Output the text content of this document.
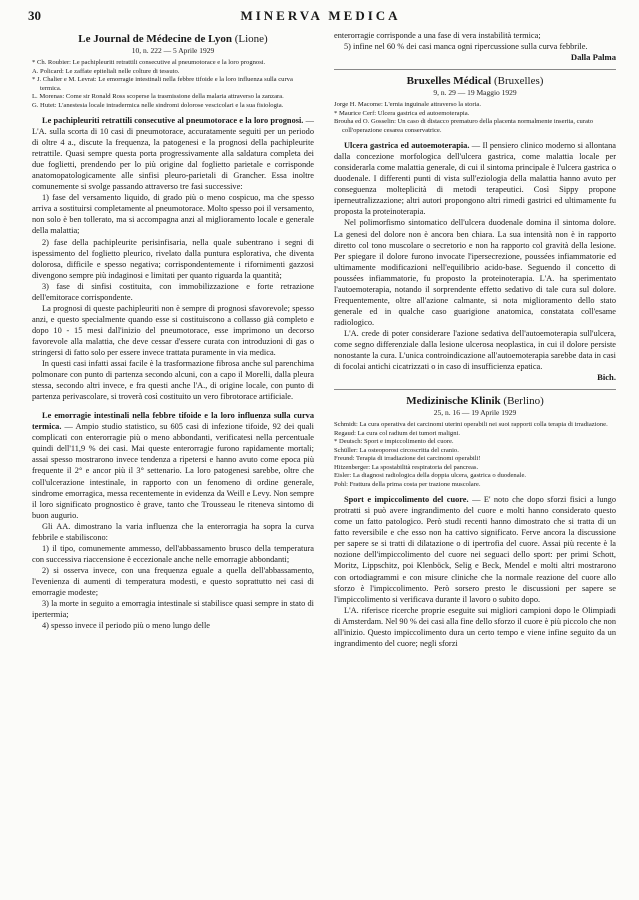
30	MINERVA MEDICA
Le Journal de Médecine de Lyon (Lione)
10, n. 222 — 5 Aprile 1929

* Ch. Roubier: Le pachipleuriti retrattili consecutive al pneumotorace e la loro prognosi.

A. Policard: Le zaffate epiteliali nelle colture di tessuto.

* J. Chalier e M. Levrat: Le emorragie intestinali nella febbre tifoide e la loro influenza sulla curva termica.

L. Morenas: Come sir Ronald Ross scoperse la trasmissione della malaria attraverso la zanzara.

G. Hutet: L'anestesia locale intradermica nelle sindromi dolorose vescicolari e la sua fisiologia.

Le pachipleuriti retrattili consecutive al pneumotorace e la loro prognosi. — L'A. sulla scorta di 10 casi di pneumotorace, accuratamente seguiti per un periodo di oltre 4 a., discute la frequenza, la patogenesi e la prognosi della pachipleurite retrattile. Quasi sempre questa porta progressivamente alla saldatura completa dei due foglietti, prendendo per lo più origine dal foglietto parietale e corrisponde anatomopatologicamente alle sinfisi pleuro-parietali di Grancher. Essa inoltre comunemente si svolge passando attraverso tre fasi successive:

1) fase del versamento liquido, di grado più o meno cospicuo, ma che spesso arriva a sostituirsi completamente al pneumotorace. Molto spesso poi il versamento, non solo è ben tollerato, ma si accompagna anzi al miglioramento locale e generale della malattia;

2) fase della pachipleurite perisinfisaria, nella quale subentrano i segni di ispessimento del foglietto pleurico, rivelato dalla puntura esplorativa, che diventa dolorosa, difficile e spesso negativa; corrispondentemente i rifornimenti gazzosi divengono sempre più indaginosi e limitati per quanto riguarda la quantità;

3) fase di sinfisi costituita, con immobilizzazione e forte retrazione dell'emitorace corrispondente.

La prognosi di queste pachipleuriti non è sempre di prognosi sfavorevole; spesso anzi, e questo specialmente quando esse si costituiscono a collasso già completo e dopo 10 - 15 mesi dall'inizio del pneumotorace, esse imprimono un decorso favorevole alla malattia, che deve cessar d'essere curata con introduzioni di gas o stringersi di fatto solo per essere invece trattata puramente in via medica.

In questi casi infatti assai facile è la trasformazione fibrosa anche sul parenchima polmonare con punto di partenza secondo alcuni, con a capo il Morelli, dalla pleura stessa, secondo altri invece, e fra questi anche l'A., di origine locale, con punto di partenza perivascolare, si troverà così costituito un vero fibrotorace artificiale.

Le emorragie intestinali nella febbre tifoide e la loro influenza sulla curva termica. — Ampio studio statistico, su 605 casi di infezione tifoide, 92 dei quali complicati con enterorragie più o meno abbondanti, verificatesi nella percentuale quindi dell'11,9 % dei casi. Mai queste enterorragie furono rapidamente mortali; assai spesso mostrarono invece tendenza a ripetersi e hanno avuto come epoca più frequente il 2° e ancor più il 3° settenario. La loro patogenesi sarebbe, oltre che coll'ulcerazione intestinale, in rapporto con un fenomeno di ordine generale, sindrome emorragica, messa recentemente in evidenza da Weill e Levy. Non sempre il loro significato prognostico è grave, tanto che Trousseau le riteneva sintomo di buon augurio.

Gli AA. dimostrano la varia influenza che la enterorragia ha sopra la curva febbrile e stabiliscono:

1) il tipo, comunemente ammesso, dell'abbassamento brusco della temperatura con successiva riaccensione è eccezionale anche nelle emorragie abbondanti;

2) si osserva invece, con una frequenza eguale a quella dell'abbassamento, l'evenienza di aumenti di temperatura modesti, e questo soprattutto nei casi di emorragie modeste;

3) la morte in seguito a emorragia intestinale si stabilisce quasi sempre in stato di ipertermia;

4) spesso invece il periodo più o meno lungo delle

enterorragie corrisponde a una fase di vera instabilità termica;

5) infine nel 60 % dei casi manca ogni ripercussione sulla curva febbrile.

Dalla Palma
Bruxelles Médical (Bruxelles)
9, n. 29 — 19 Maggio 1929

Jorge H. Macome: L'ernia inguinale attraverso la storia.

* Maurice Cerf: Ulcera gastrica ed autoemoterapia.

Brouha ed O. Gosselin: Un caso di distacco prematuro della placenta normalmente inserita, curato coll'operazione cesarea conservatrice.

Ulcera gastrica ed autoemoterapia. — Il pensiero clinico moderno si allontana dalla concezione morfologica dell'ulcera gastrica, come malattia locale per considerarla come malattia generale, di cui il sintoma principale è l'ulcera gastrica o duodenale. I differenti punti di vista sull'eziologia della malattia hanno avuto per conseguenza molteplicità di metodi terapeutici. Così Sippy propone iperneutralizzazione; altri autori propongono altri rimedi gastrici ed ultimamente fu proposta la proteinoterapia.

Nel polimorfismo sintomatico dell'ulcera duodenale domina il sintoma dolore. La genesi del dolore non è ancora ben chiara. La sua intensità non è in rapporto diretto col tono muscolare o secretorio e non ha rapporto col gravità della lesione. Per spiegare il dolore furono invocate l'ipersecrezione, poussées infiammatorie ed ultimamente modificazioni nell'equilibrio acido-base. Seguendo il concetto di poussées infiammatorie, fu proposto la proteinoterapia. L'A. ha sperimentato l'autoemoterapia, notando il sorprendente effetto sedativo di tale cura sul dolore. Frequentemente, oltre all'azione calmante, si nota miglioramento dello stato generale ed in qualche caso guarigione anatomica, constatata coll'esame radiologico.

L'A. crede di poter considerare l'azione sedativa dell'autoemoterapia sull'ulcera, come segno differenziale dalla lesione ulcerosa neoplastica, in cui il dolore persiste nonostante la cura. L'unica controindicazione all'autoemoterapia sarebbe data in casi di focolai antichi cicatrizzati o in caso di insufficienza epatica.

Bich.
Medizinische Klinik (Berlino)
25, n. 16 — 19 Aprile 1929

Schmidt: La cura operativa dei carcinomi uterini operabili nei suoi rapporti colla terapia di irradiazione.

Regaud: La cura col radium dei tumori maligni.

* Deutsch: Sport e impiccolimento del cuore.

Schüller: La osteoporosi circoscritta del cranio.

Freund: Terapia di irradiazione dei carcinomi operabili!

Hitzenberger: La spostabilità respiratoria del pancreas.

Eisler: La diagnosi radiologica della doppia ulcera, gastrica o duodenale.

Pohl: Frattura della prima costa per trazione muscolare.

Sport e impiccolimento del cuore. — E' noto che dopo sforzi fisici a lungo protratti si può avere ingrandimento del cuore e molti hanno considerato questo come un fatto patologico. Però studi recenti hanno dimostrato che si tratta di un fatto reversibile e che esso non ha cattivo significato. Ferve ancora la discussione per sapere se si tratti di dilatazione o di ipertrofia del cuore. Assai più recente è la nozione dell'impiccolimento del cuore nei seguaci dello sport: per primi Schott, Moritz, Lippschitz, poi Klenböck, Selig e Beck, Mendel e molti altri mostrarono con ortodiagrammi e con misure cliniche che la normale reazione del cuore allo sforzo è l'impiccolimento. Però sorsero presto le discussioni per sapere se l'impiccolimento si verificava durante il lavoro o subito dopo.

L'A. riferisce ricerche proprie eseguite sui migliori campioni dopo le Olimpiadi di Amsterdam. Nel 90 % dei casi alla fine dello sforzo il cuore è più piccolo che non all'inizio. Questo impiccolimento dura un certo tempo e viene infine seguito da un ingrandimento del cuore; negli sforzi
